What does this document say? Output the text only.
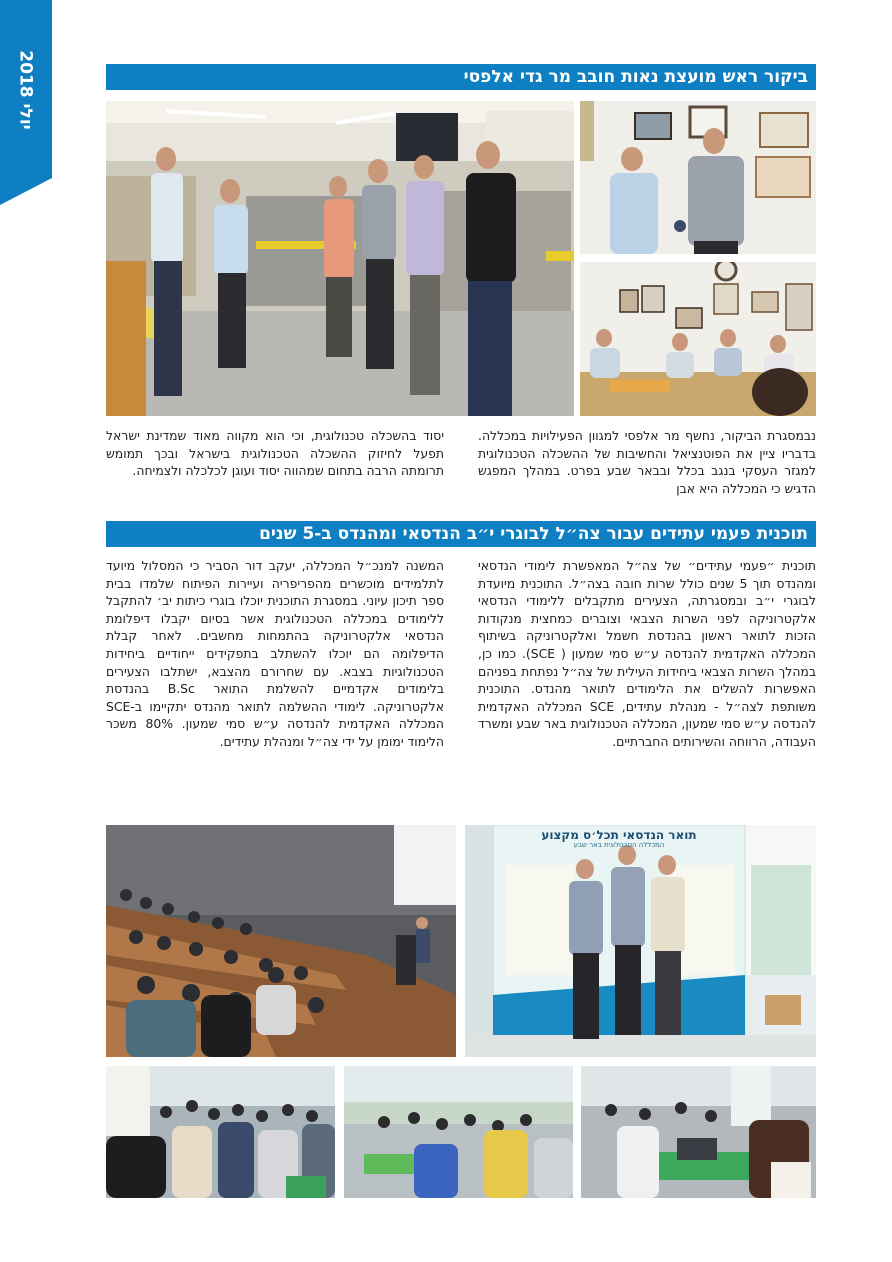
יולי 2018
ביקור ראש מועצת נאות חובב מר גדי אלפסי
נבמסגרת הביקור, נחשף מר אלפסי למגוון הפעילויות במכללה. בדבריו ציין את הפוטנציאל והחשיבות של ההשכלה הטכנולוגית למגזר העסקי בנגב בכלל ובבאר שבע בפרט. במהלך המפגש הדגיש כי המכללה היא אבן
יסוד בהשכלה טכנולוגית, וכי הוא מקווה מאוד שמדינת ישראל תפעל לחיזוק ההשכלה הטכנולוגית בישראל ובכך תמומש תרומתה הרבה בתחום שמהווה יסוד ועוגן לכלכלה ולצמיחה.
תוכנית פעמי עתידים עבור צה״ל לבוגרי י״ב הנדסאי ומהנדס ב-5 שנים
תוכנית ״פעמי עתידים״ של צה״ל המאפשרת לימודי הנדסאי ומהנדס תוך 5 שנים כולל שרות חובה בצה״ל. התוכנית מיועדת לבוגרי י״ב ובמסגרתה, הצעירים מתקבלים ללימודי הנדסאי אלקטרוניקה לפני השרות הצבאי וצוברים כמחצית מנקודות הזכות לתואר ראשון בהנדסת חשמל ואלקטרוניקה בשיתוף המכללה האקדמית להנדסה ע״ש סמי שמעון ( SCE). כמו כן, במהלך השרות הצבאי ביחידות העילית של צה״ל נפתחת בפניהם האפשרות להשלים את הלימודים לתואר מהנדס. התוכנית משותפת לצה״ל - מנהלת עתידים, SCE המכללה האקדמית להנדסה ע״ש סמי שמעון, המכללה הטכנולוגית באר שבע ומשרד העבודה, הרווחה והשירותים החברתיים.
המשנה למנכ״ל המכללה, יעקב דור הסביר כי המסלול מיועד לתלמידים מוכשרים מהפריפריה ועיירות הפיתוח שלמדו בבית ספר תיכון עיוני. במסגרת התוכנית יוכלו בוגרי כיתות יב׳ להתקבל ללימודים במכללה הטכנולוגית אשר בסיום יקבלו דיפלומת הנדסאי אלקטרוניקה בהתמחות מחשבים. לאחר קבלת הדיפלומה הם יוכלו להשתלב בתפקידים ייחודיים ביחידות הטכנולוגיות בצבא. עם שחרורם מהצבא, ישתלבו הצעירים בלימודים אקדמיים להשלמת התואר B.Sc בהנדסת אלקטרוניקה. לימודי ההשלמה לתואר מהנדס יתקיימו ב-SCE המכללה האקדמית להנדסה ע״ש סמי שמעון. 80% משכר הלימוד ימומן על ידי צה״ל ומנהלת עתידים.
תואר הנדסאי תכל׳ס מקצוע
המכללה הטכנולוגית באר שבע
